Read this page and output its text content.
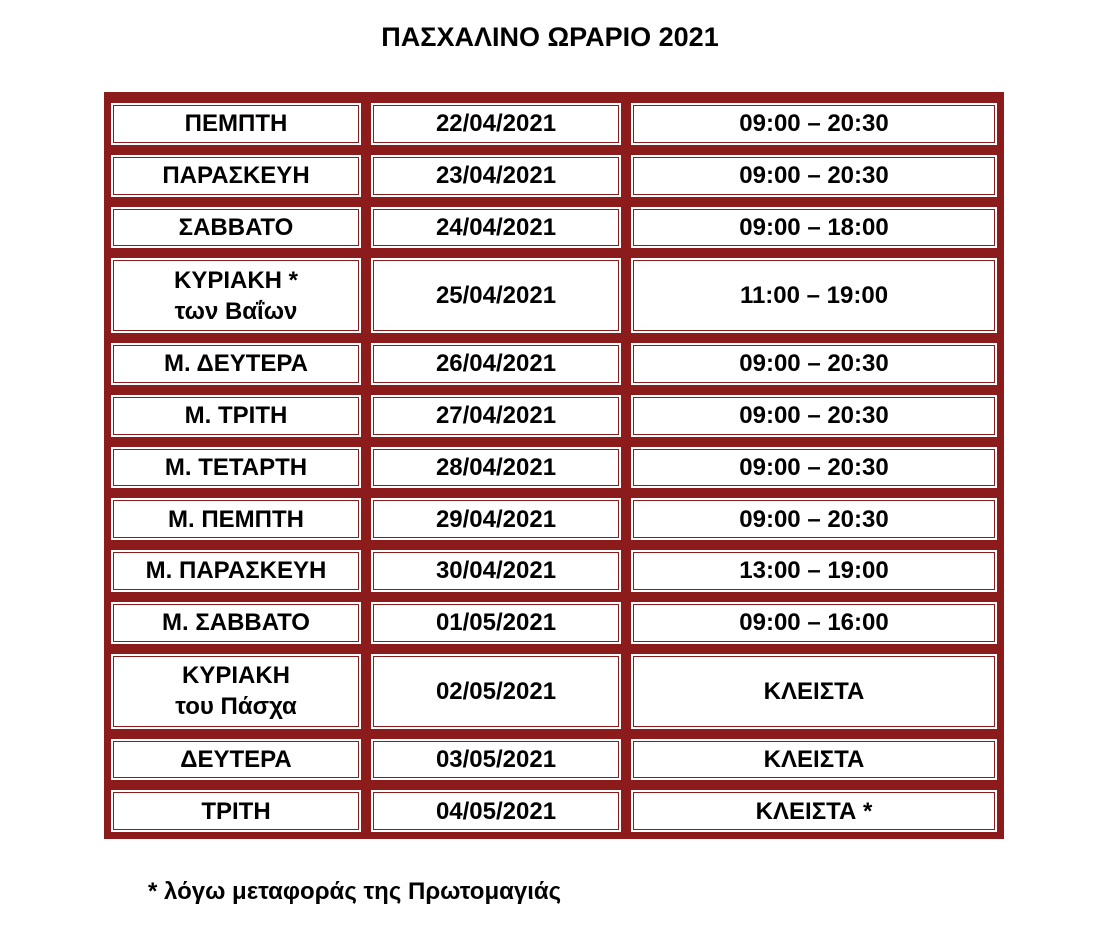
ΠΑΣΧΑΛΙΝΟ ΩΡΑΡΙΟ 2021
ΠΕΜΠΤΗ	22/04/2021	09:00 – 20:30
ΠΑΡΑΣΚΕΥΗ	23/04/2021	09:00 – 20:30
ΣΑΒΒΑΤΟ	24/04/2021	09:00 – 18:00
ΚΥΡΙΑΚΗ *
των Βαΐων
25/04/2021	11:00 – 19:00
Μ. ΔΕΥΤΕΡΑ	26/04/2021	09:00 – 20:30
Μ. ΤΡΙΤΗ	27/04/2021	09:00 – 20:30
Μ. ΤΕΤΑΡΤΗ	28/04/2021	09:00 – 20:30
Μ. ΠΕΜΠΤΗ	29/04/2021	09:00 – 20:30
Μ. ΠΑΡΑΣΚΕΥΗ	30/04/2021	13:00 – 19:00
Μ. ΣΑΒΒΑΤΟ	01/05/2021	09:00 – 16:00
ΚΥΡΙΑΚΗ
του Πάσχα
02/05/2021	ΚΛΕΙΣΤΑ
ΔΕΥΤΕΡΑ	03/05/2021	ΚΛΕΙΣΤΑ
ΤΡΙΤΗ	04/05/2021	ΚΛΕΙΣΤΑ *
* λόγω μεταφοράς της Πρωτομαγιάς
